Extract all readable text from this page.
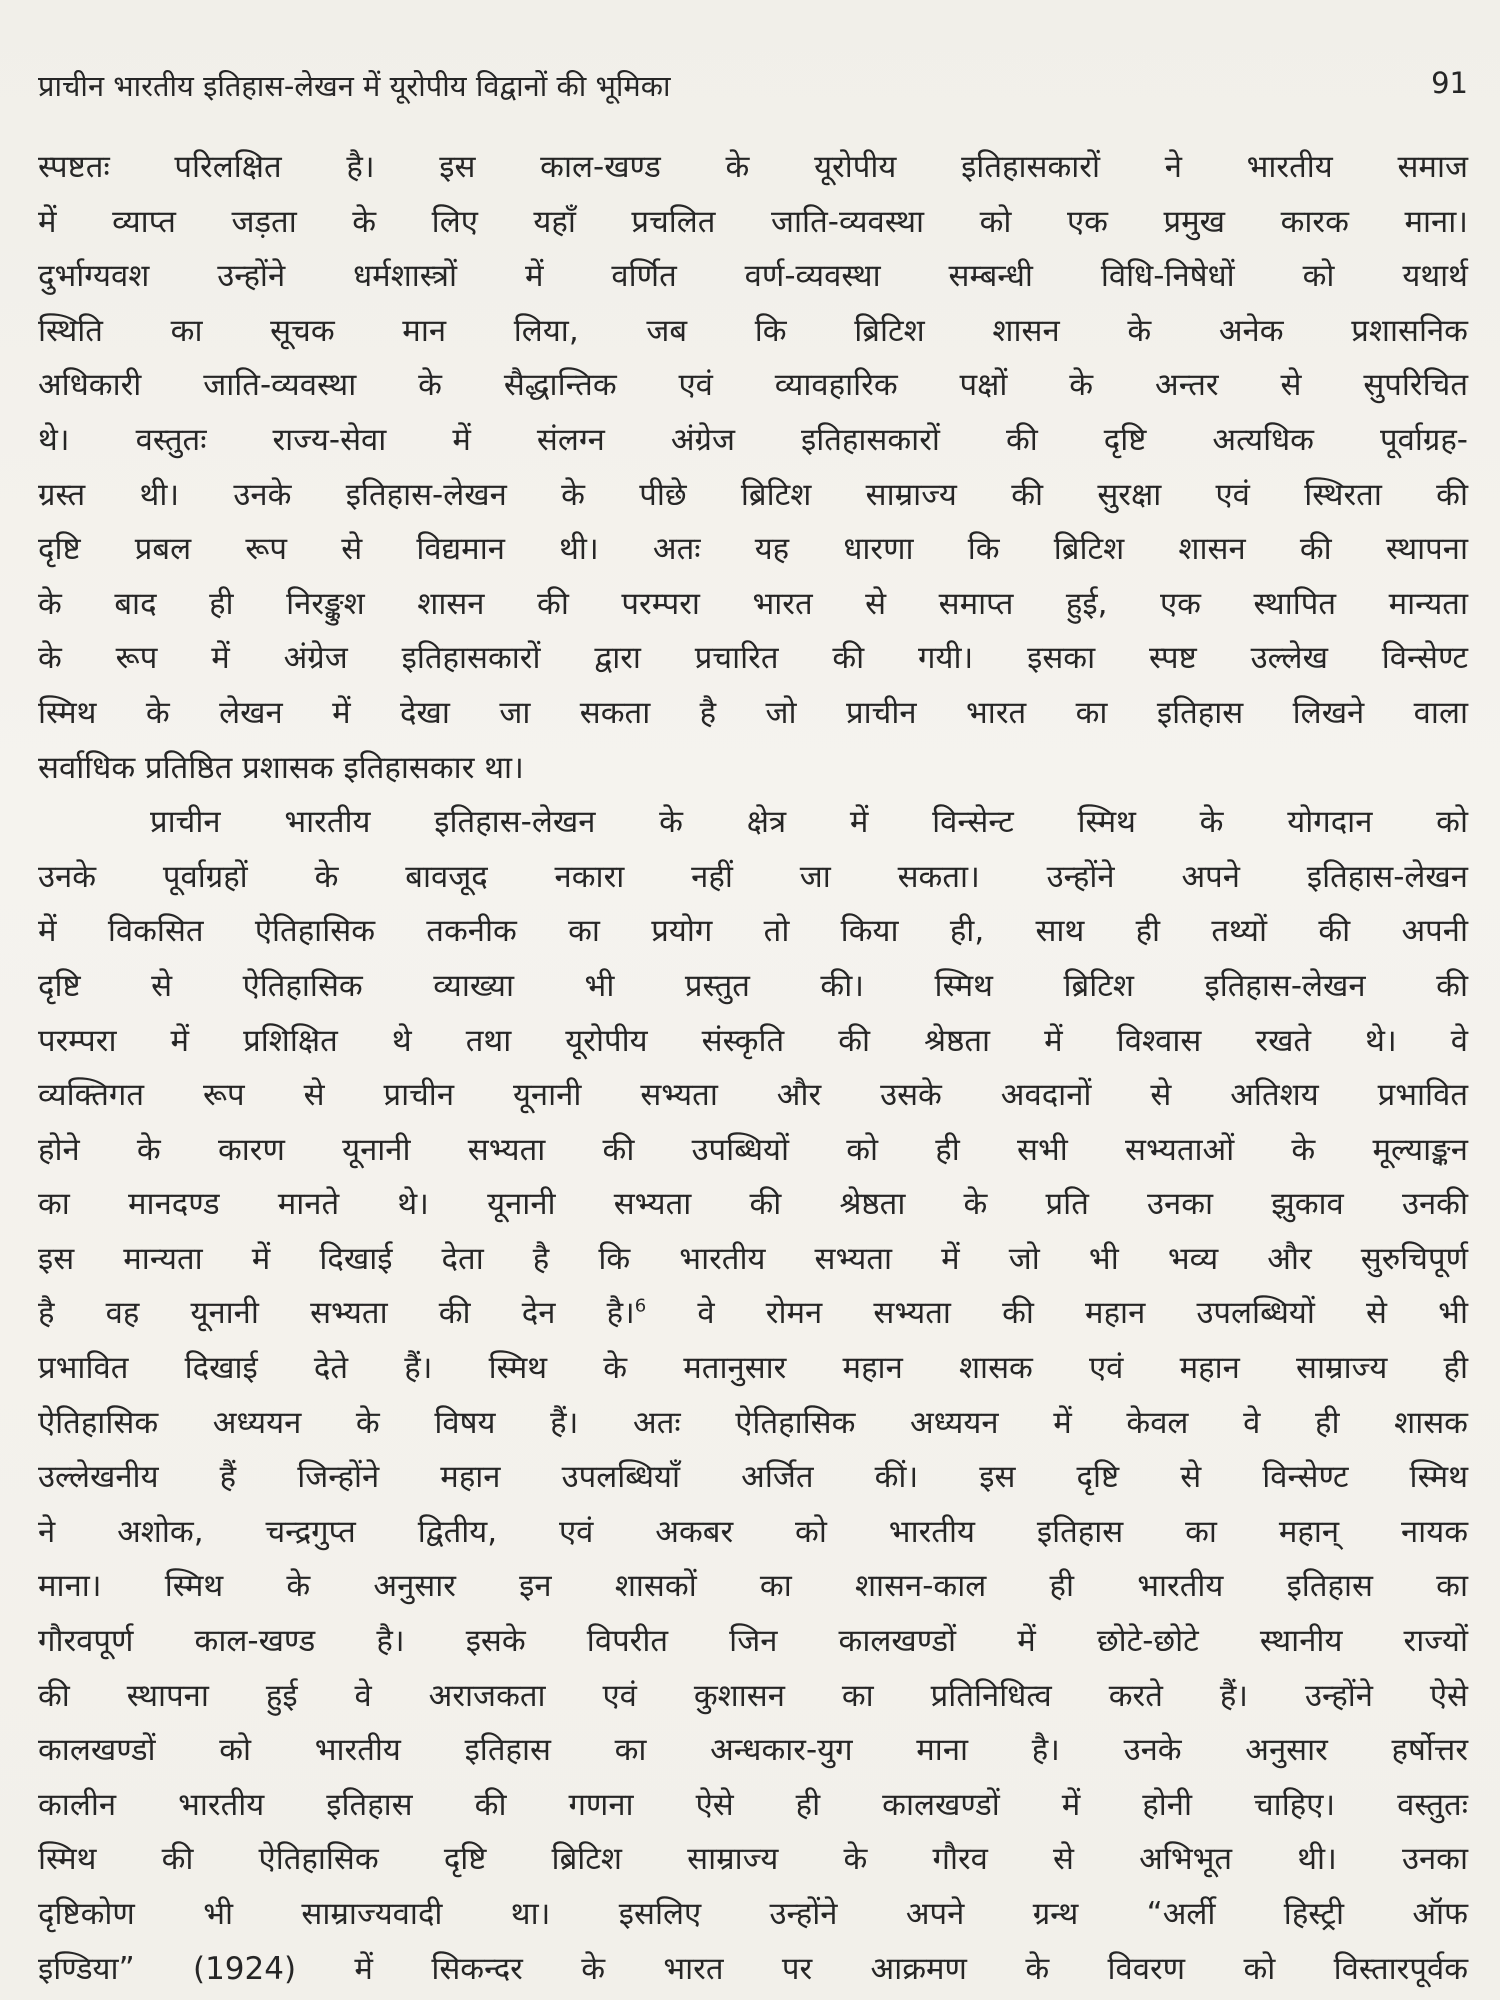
प्राचीन भारतीय इतिहास-लेखन में यूरोपीय विद्वानों की भूमिका	91
स्पष्टतः परिलक्षित है। इस काल-खण्ड के यूरोपीय इतिहासकारों ने भारतीय समाज
में व्याप्त जड़ता के लिए यहाँ प्रचलित जाति-व्यवस्था को एक प्रमुख कारक माना।
दुर्भाग्यवश उन्होंने धर्मशास्त्रों में वर्णित वर्ण-व्यवस्था सम्बन्धी विधि-निषेधों को यथार्थ
स्थिति का सूचक मान लिया, जब कि ब्रिटिश शासन के अनेक प्रशासनिक
अधिकारी जाति-व्यवस्था के सैद्धान्तिक एवं व्यावहारिक पक्षों के अन्तर से सुपरिचित
थे। वस्तुतः राज्य-सेवा में संलग्न अंग्रेज इतिहासकारों की दृष्टि अत्यधिक पूर्वाग्रह-
ग्रस्त थी। उनके इतिहास-लेखन के पीछे ब्रिटिश साम्राज्य की सुरक्षा एवं स्थिरता की
दृष्टि प्रबल रूप से विद्यमान थी। अतः यह धारणा कि ब्रिटिश शासन की स्थापना
के बाद ही निरङ्कुश शासन की परम्परा भारत से समाप्त हुई, एक स्थापित मान्यता
के रूप में अंग्रेज इतिहासकारों द्वारा प्रचारित की गयी। इसका स्पष्ट उल्लेख विन्सेण्ट
स्मिथ के लेखन में देखा जा सकता है जो प्राचीन भारत का इतिहास लिखने वाला
सर्वाधिक प्रतिष्ठित प्रशासक इतिहासकार था।
प्राचीन भारतीय इतिहास-लेखन के क्षेत्र में विन्सेन्ट स्मिथ के योगदान को
उनके पूर्वाग्रहों के बावजूद नकारा नहीं जा सकता। उन्होंने अपने इतिहास-लेखन
में विकसित ऐतिहासिक तकनीक का प्रयोग तो किया ही, साथ ही तथ्यों की अपनी
दृष्टि से ऐतिहासिक व्याख्या भी प्रस्तुत की। स्मिथ ब्रिटिश इतिहास-लेखन की
परम्परा में प्रशिक्षित थे तथा यूरोपीय संस्कृति की श्रेष्ठता में विश्वास रखते थे। वे
व्यक्तिगत रूप से प्राचीन यूनानी सभ्यता और उसके अवदानों से अतिशय प्रभावित
होने के कारण यूनानी सभ्यता की उपब्धियों को ही सभी सभ्यताओं के मूल्याङ्कन
का मानदण्ड मानते थे। यूनानी सभ्यता की श्रेष्ठता के प्रति उनका झुकाव उनकी
इस मान्यता में दिखाई देता है कि भारतीय सभ्यता में जो भी भव्य और सुरुचिपूर्ण
है वह यूनानी सभ्यता की देन है।$^6$ वे रोमन सभ्यता की महान उपलब्धियों से भी
प्रभावित दिखाई देते हैं। स्मिथ के मतानुसार महान शासक एवं महान साम्राज्य ही
ऐतिहासिक अध्ययन के विषय हैं। अतः ऐतिहासिक अध्ययन में केवल वे ही शासक
उल्लेखनीय हैं जिन्होंने महान उपलब्धियाँ अर्जित कीं। इस दृष्टि से विन्सेण्ट स्मिथ
ने अशोक, चन्द्रगुप्त द्वितीय, एवं अकबर को भारतीय इतिहास का महान् नायक
माना। स्मिथ के अनुसार इन शासकों का शासन-काल ही भारतीय इतिहास का
गौरवपूर्ण काल-खण्ड है। इसके विपरीत जिन कालखण्डों में छोटे-छोटे स्थानीय राज्यों
की स्थापना हुई वे अराजकता एवं कुशासन का प्रतिनिधित्व करते हैं। उन्होंने ऐसे
कालखण्डों को भारतीय इतिहास का अन्धकार-युग माना है। उनके अनुसार हर्षोत्तर
कालीन भारतीय इतिहास की गणना ऐसे ही कालखण्डों में होनी चाहिए। वस्तुतः
स्मिथ की ऐतिहासिक दृष्टि ब्रिटिश साम्राज्य के गौरव से अभिभूत थी। उनका
दृष्टिकोण भी साम्राज्यवादी था। इसलिए उन्होंने अपने ग्रन्थ “अर्ली हिस्ट्री ऑफ
इण्डिया” (1924) में सिकन्दर के भारत पर आक्रमण के विवरण को विस्तारपूर्वक
